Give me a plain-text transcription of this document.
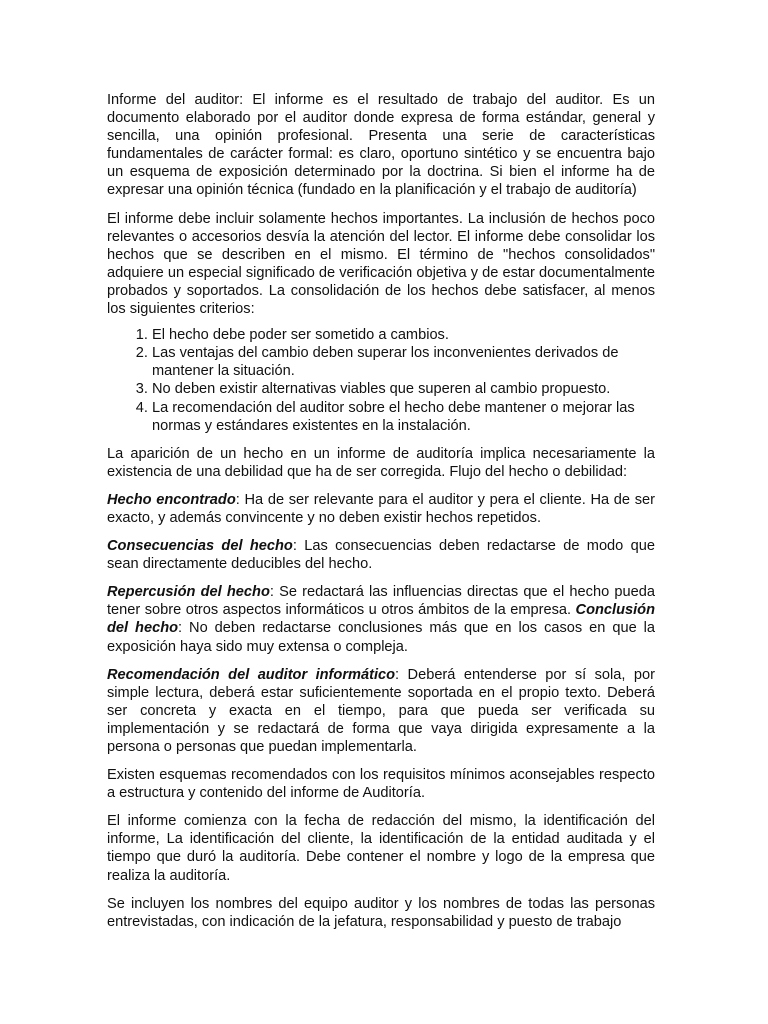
Informe del auditor: El informe es el resultado de trabajo del auditor. Es un documento elaborado por el auditor donde expresa de forma estándar, general y sencilla, una opinión profesional. Presenta una serie de características fundamentales de carácter formal: es claro, oportuno sintético y se encuentra bajo un esquema de exposición determinado por la doctrina. Si bien el informe ha de expresar una opinión técnica (fundado en la planificación y el trabajo de auditoría)

El informe debe incluir solamente hechos importantes. La inclusión de hechos poco relevantes o accesorios desvía la atención del lector. El informe debe consolidar los hechos que se describen en el mismo. El término de "hechos consolidados" adquiere un especial significado de verificación objetiva y de estar documentalmente probados y soportados. La consolidación de los hechos debe satisfacer, al menos los siguientes criterios:

1. El hecho debe poder ser sometido a cambios.
2. Las ventajas del cambio deben superar los inconvenientes derivados de mantener la situación.
3. No deben existir alternativas viables que superen al cambio propuesto.
4. La recomendación del auditor sobre el hecho debe mantener o mejorar las normas y estándares existentes en la instalación.

La aparición de un hecho en un informe de auditoría implica necesariamente la existencia de una debilidad que ha de ser corregida. Flujo del hecho o debilidad:

Hecho encontrado: Ha de ser relevante para el auditor y pera el cliente. Ha de ser exacto, y además convincente y no deben existir hechos repetidos.

Consecuencias del hecho: Las consecuencias deben redactarse de modo que sean directamente deducibles del hecho.

Repercusión del hecho: Se redactará las influencias directas que el hecho pueda tener sobre otros aspectos informáticos u otros ámbitos de la empresa. Conclusión del hecho: No deben redactarse conclusiones más que en los casos en que la exposición haya sido muy extensa o compleja.

Recomendación del auditor informático: Deberá entenderse por sí sola, por simple lectura, deberá estar suficientemente soportada en el propio texto. Deberá ser concreta y exacta en el tiempo, para que pueda ser verificada su implementación y se redactará de forma que vaya dirigida expresamente a la persona o personas que puedan implementarla.

Existen esquemas recomendados con los requisitos mínimos aconsejables respecto a estructura y contenido del informe de Auditoría.

El informe comienza con la fecha de redacción del mismo, la identificación del informe, La identificación del cliente, la identificación de la entidad auditada y el tiempo que duró la auditoría. Debe contener el nombre y logo de la empresa que realiza la auditoría.

Se incluyen los nombres del equipo auditor y los nombres de todas las personas entrevistadas, con indicación de la jefatura, responsabilidad y puesto de trabajo
